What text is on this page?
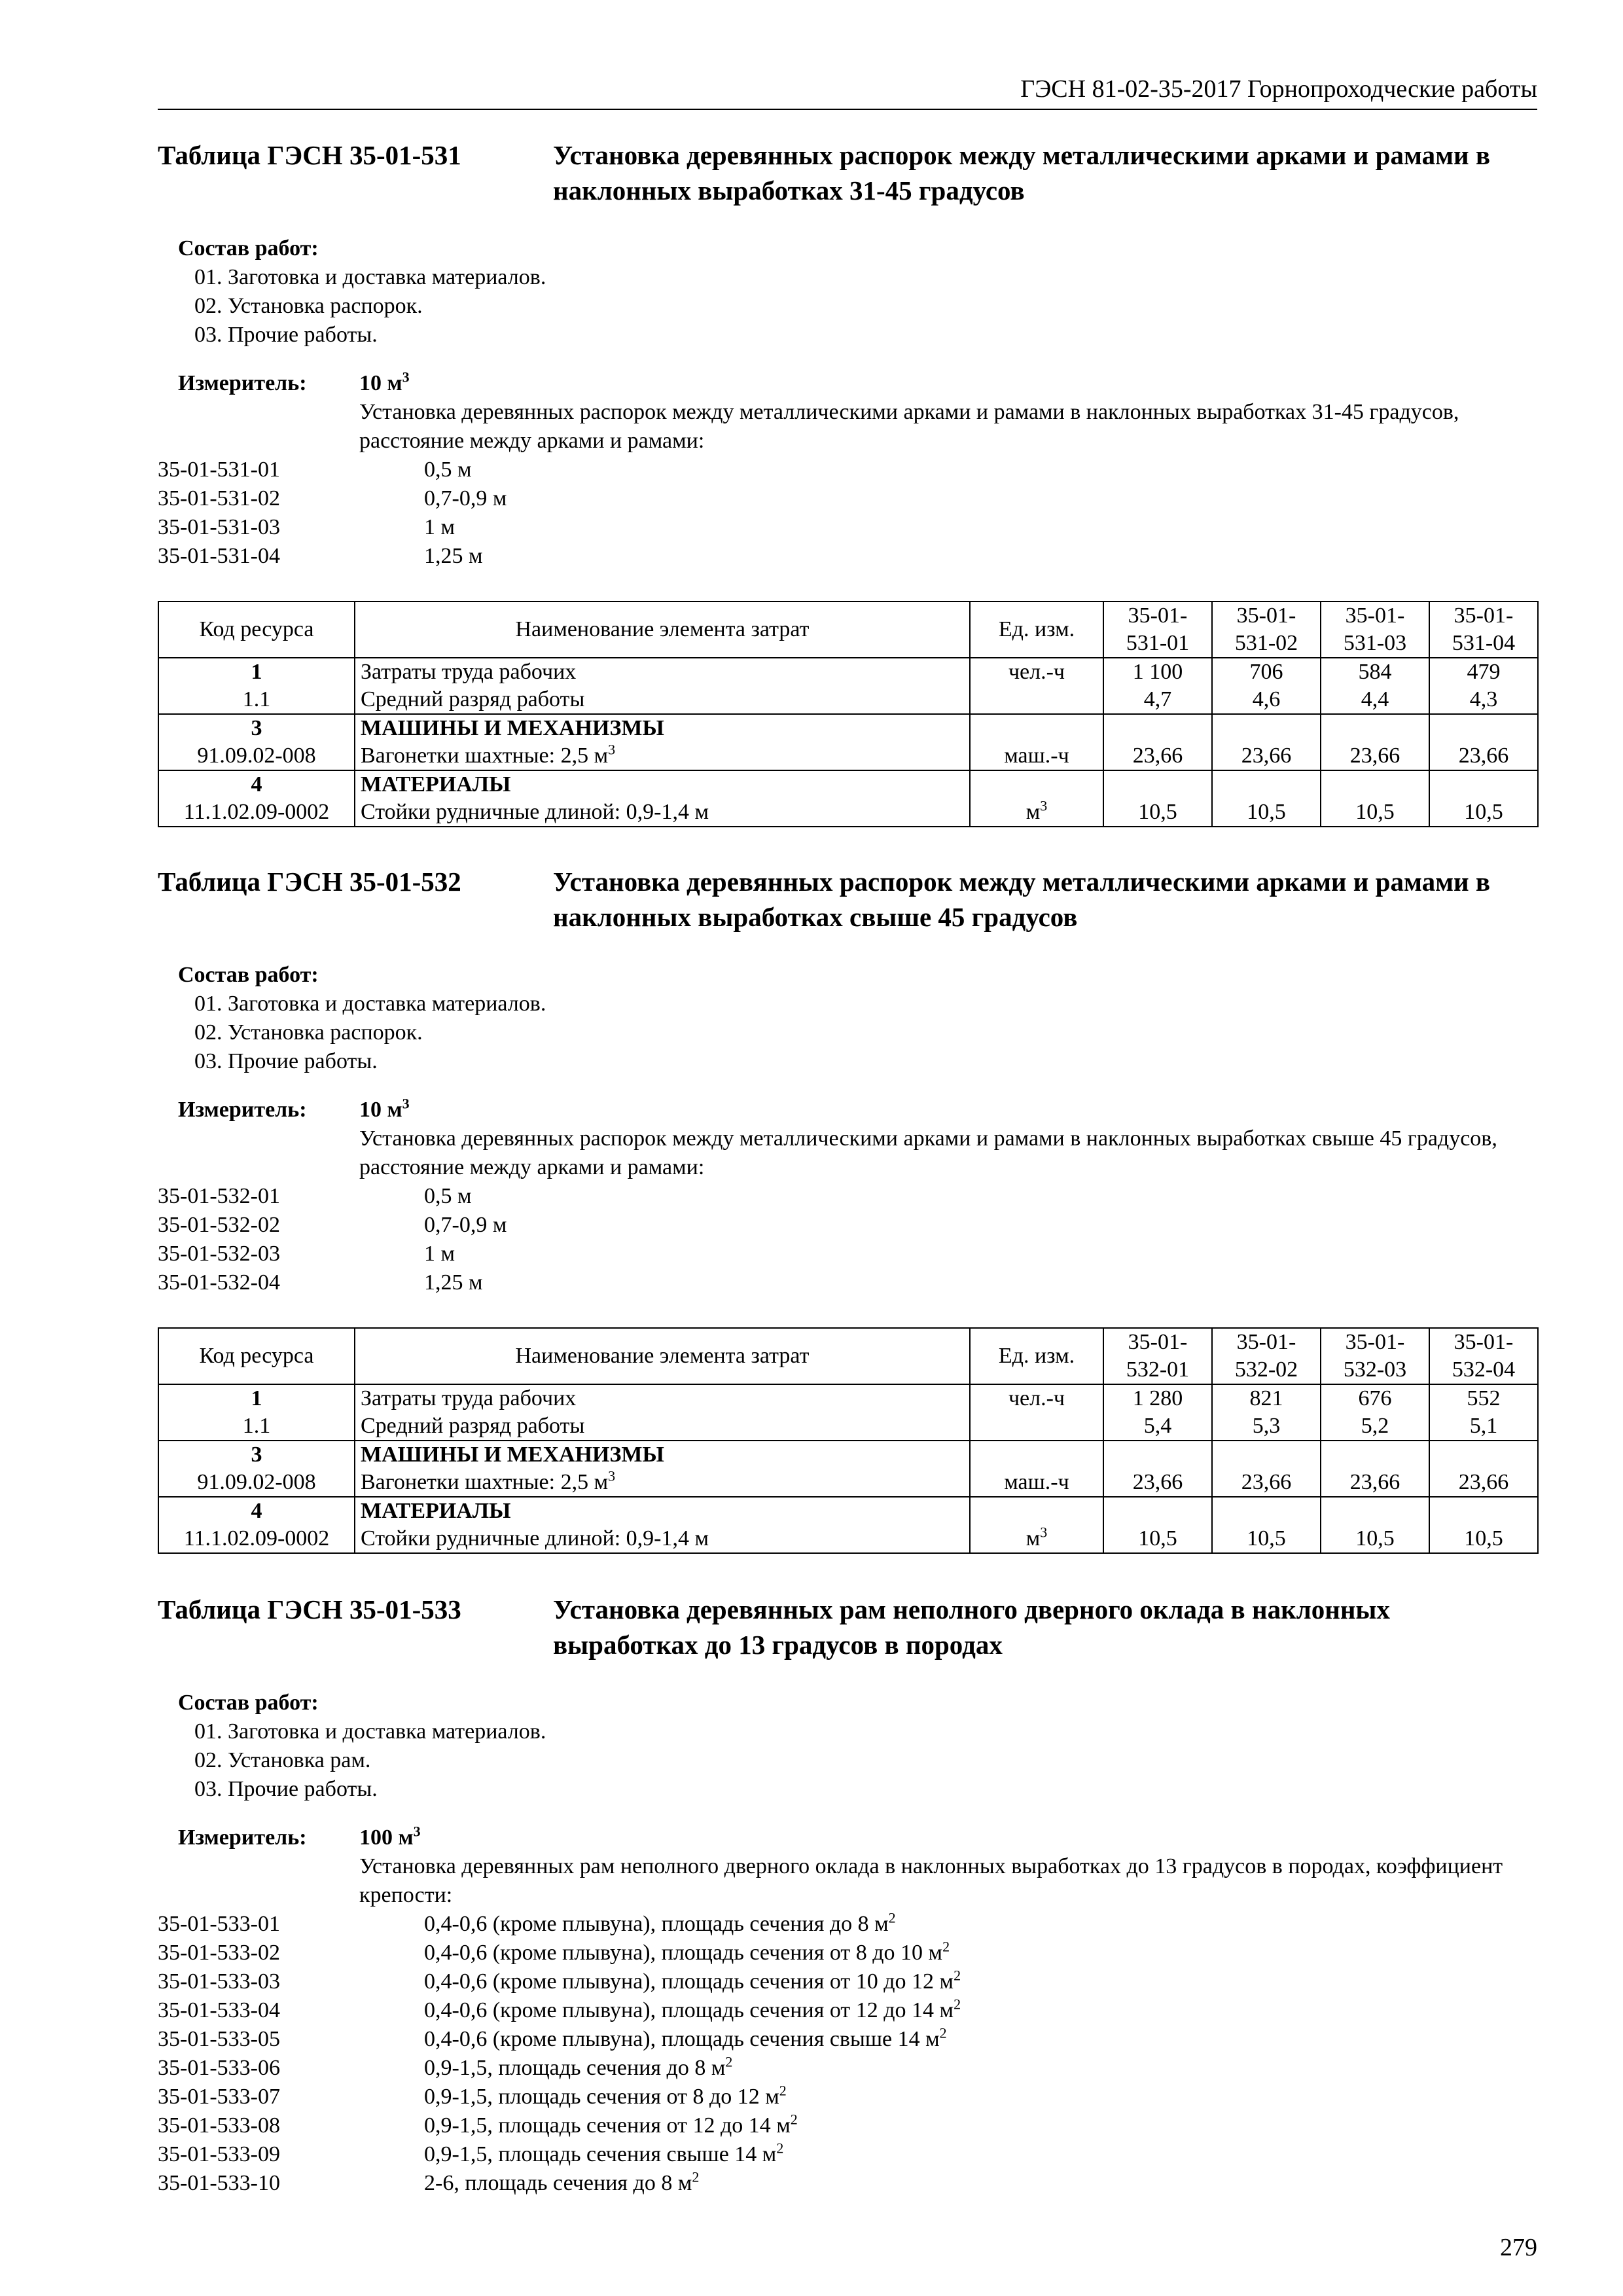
ГЭСН 81-02-35-2017 Горнопроходческие работы
Таблица ГЭСН 35-01-531	Установка деревянных распорок между металлическими арками и рамами в наклонных выработках 31-45 градусов
Состав работ:
01. Заготовка и доставка материалов.
02. Установка распорок.
03. Прочие работы.
Измеритель:	10 $м^3$
Установка деревянных распорок между металлическими арками и рамами в наклонных выработках 31-45 градусов, расстояние между арками и рамами:
35-01-531-01	0,5 м
35-01-531-02	0,7-0,9 м
35-01-531-03	1 м
35-01-531-04	1,25 м
Код ресурса	Наименование элемента затрат	Ед. изм.	35-01-531-01	35-01-531-02	35-01-531-03	35-01-531-04
1	Затраты труда рабочих	чел.-ч	1 100	706	584	479
1.1	Средний разряд работы		4,7	4,6	4,4	4,3
3	МАШИНЫ И МЕХАНИЗМЫ					
91.09.02-008	Вагонетки шахтные: 2,5 $м^3$	маш.-ч	23,66	23,66	23,66	23,66
4	МАТЕРИАЛЫ					
11.1.02.09-0002	Стойки рудничные длиной: 0,9-1,4 м	$м^3$	10,5	10,5	10,5	10,5
Таблица ГЭСН 35-01-532	Установка деревянных распорок между металлическими арками и рамами в наклонных выработках свыше 45 градусов
Состав работ:
01. Заготовка и доставка материалов.
02. Установка распорок.
03. Прочие работы.
Измеритель:	10 $м^3$
Установка деревянных распорок между металлическими арками и рамами в наклонных выработках свыше 45 градусов, расстояние между арками и рамами:
35-01-532-01	0,5 м
35-01-532-02	0,7-0,9 м
35-01-532-03	1 м
35-01-532-04	1,25 м
Код ресурса	Наименование элемента затрат	Ед. изм.	35-01-532-01	35-01-532-02	35-01-532-03	35-01-532-04
1	Затраты труда рабочих	чел.-ч	1 280	821	676	552
1.1	Средний разряд работы		5,4	5,3	5,2	5,1
3	МАШИНЫ И МЕХАНИЗМЫ					
91.09.02-008	Вагонетки шахтные: 2,5 $м^3$	маш.-ч	23,66	23,66	23,66	23,66
4	МАТЕРИАЛЫ					
11.1.02.09-0002	Стойки рудничные длиной: 0,9-1,4 м	$м^3$	10,5	10,5	10,5	10,5
Таблица ГЭСН 35-01-533	Установка деревянных рам неполного дверного оклада в наклонных выработках до 13 градусов в породах
Состав работ:
01. Заготовка и доставка материалов.
02. Установка рам.
03. Прочие работы.
Измеритель:	100 $м^3$
Установка деревянных рам неполного дверного оклада в наклонных выработках до 13 градусов в породах, коэффициент крепости:
35-01-533-01	0,4-0,6 (кроме плывуна), площадь сечения до 8 $м^2$
35-01-533-02	0,4-0,6 (кроме плывуна), площадь сечения от 8 до 10 $м^2$
35-01-533-03	0,4-0,6 (кроме плывуна), площадь сечения от 10 до 12 $м^2$
35-01-533-04	0,4-0,6 (кроме плывуна), площадь сечения от 12 до 14 $м^2$
35-01-533-05	0,4-0,6 (кроме плывуна), площадь сечения свыше 14 $м^2$
35-01-533-06	0,9-1,5, площадь сечения до 8 $м^2$
35-01-533-07	0,9-1,5, площадь сечения от 8 до 12 $м^2$
35-01-533-08	0,9-1,5, площадь сечения от 12 до 14 $м^2$
35-01-533-09	0,9-1,5, площадь сечения свыше 14 $м^2$
35-01-533-10	2-6, площадь сечения до 8 $м^2$
279
